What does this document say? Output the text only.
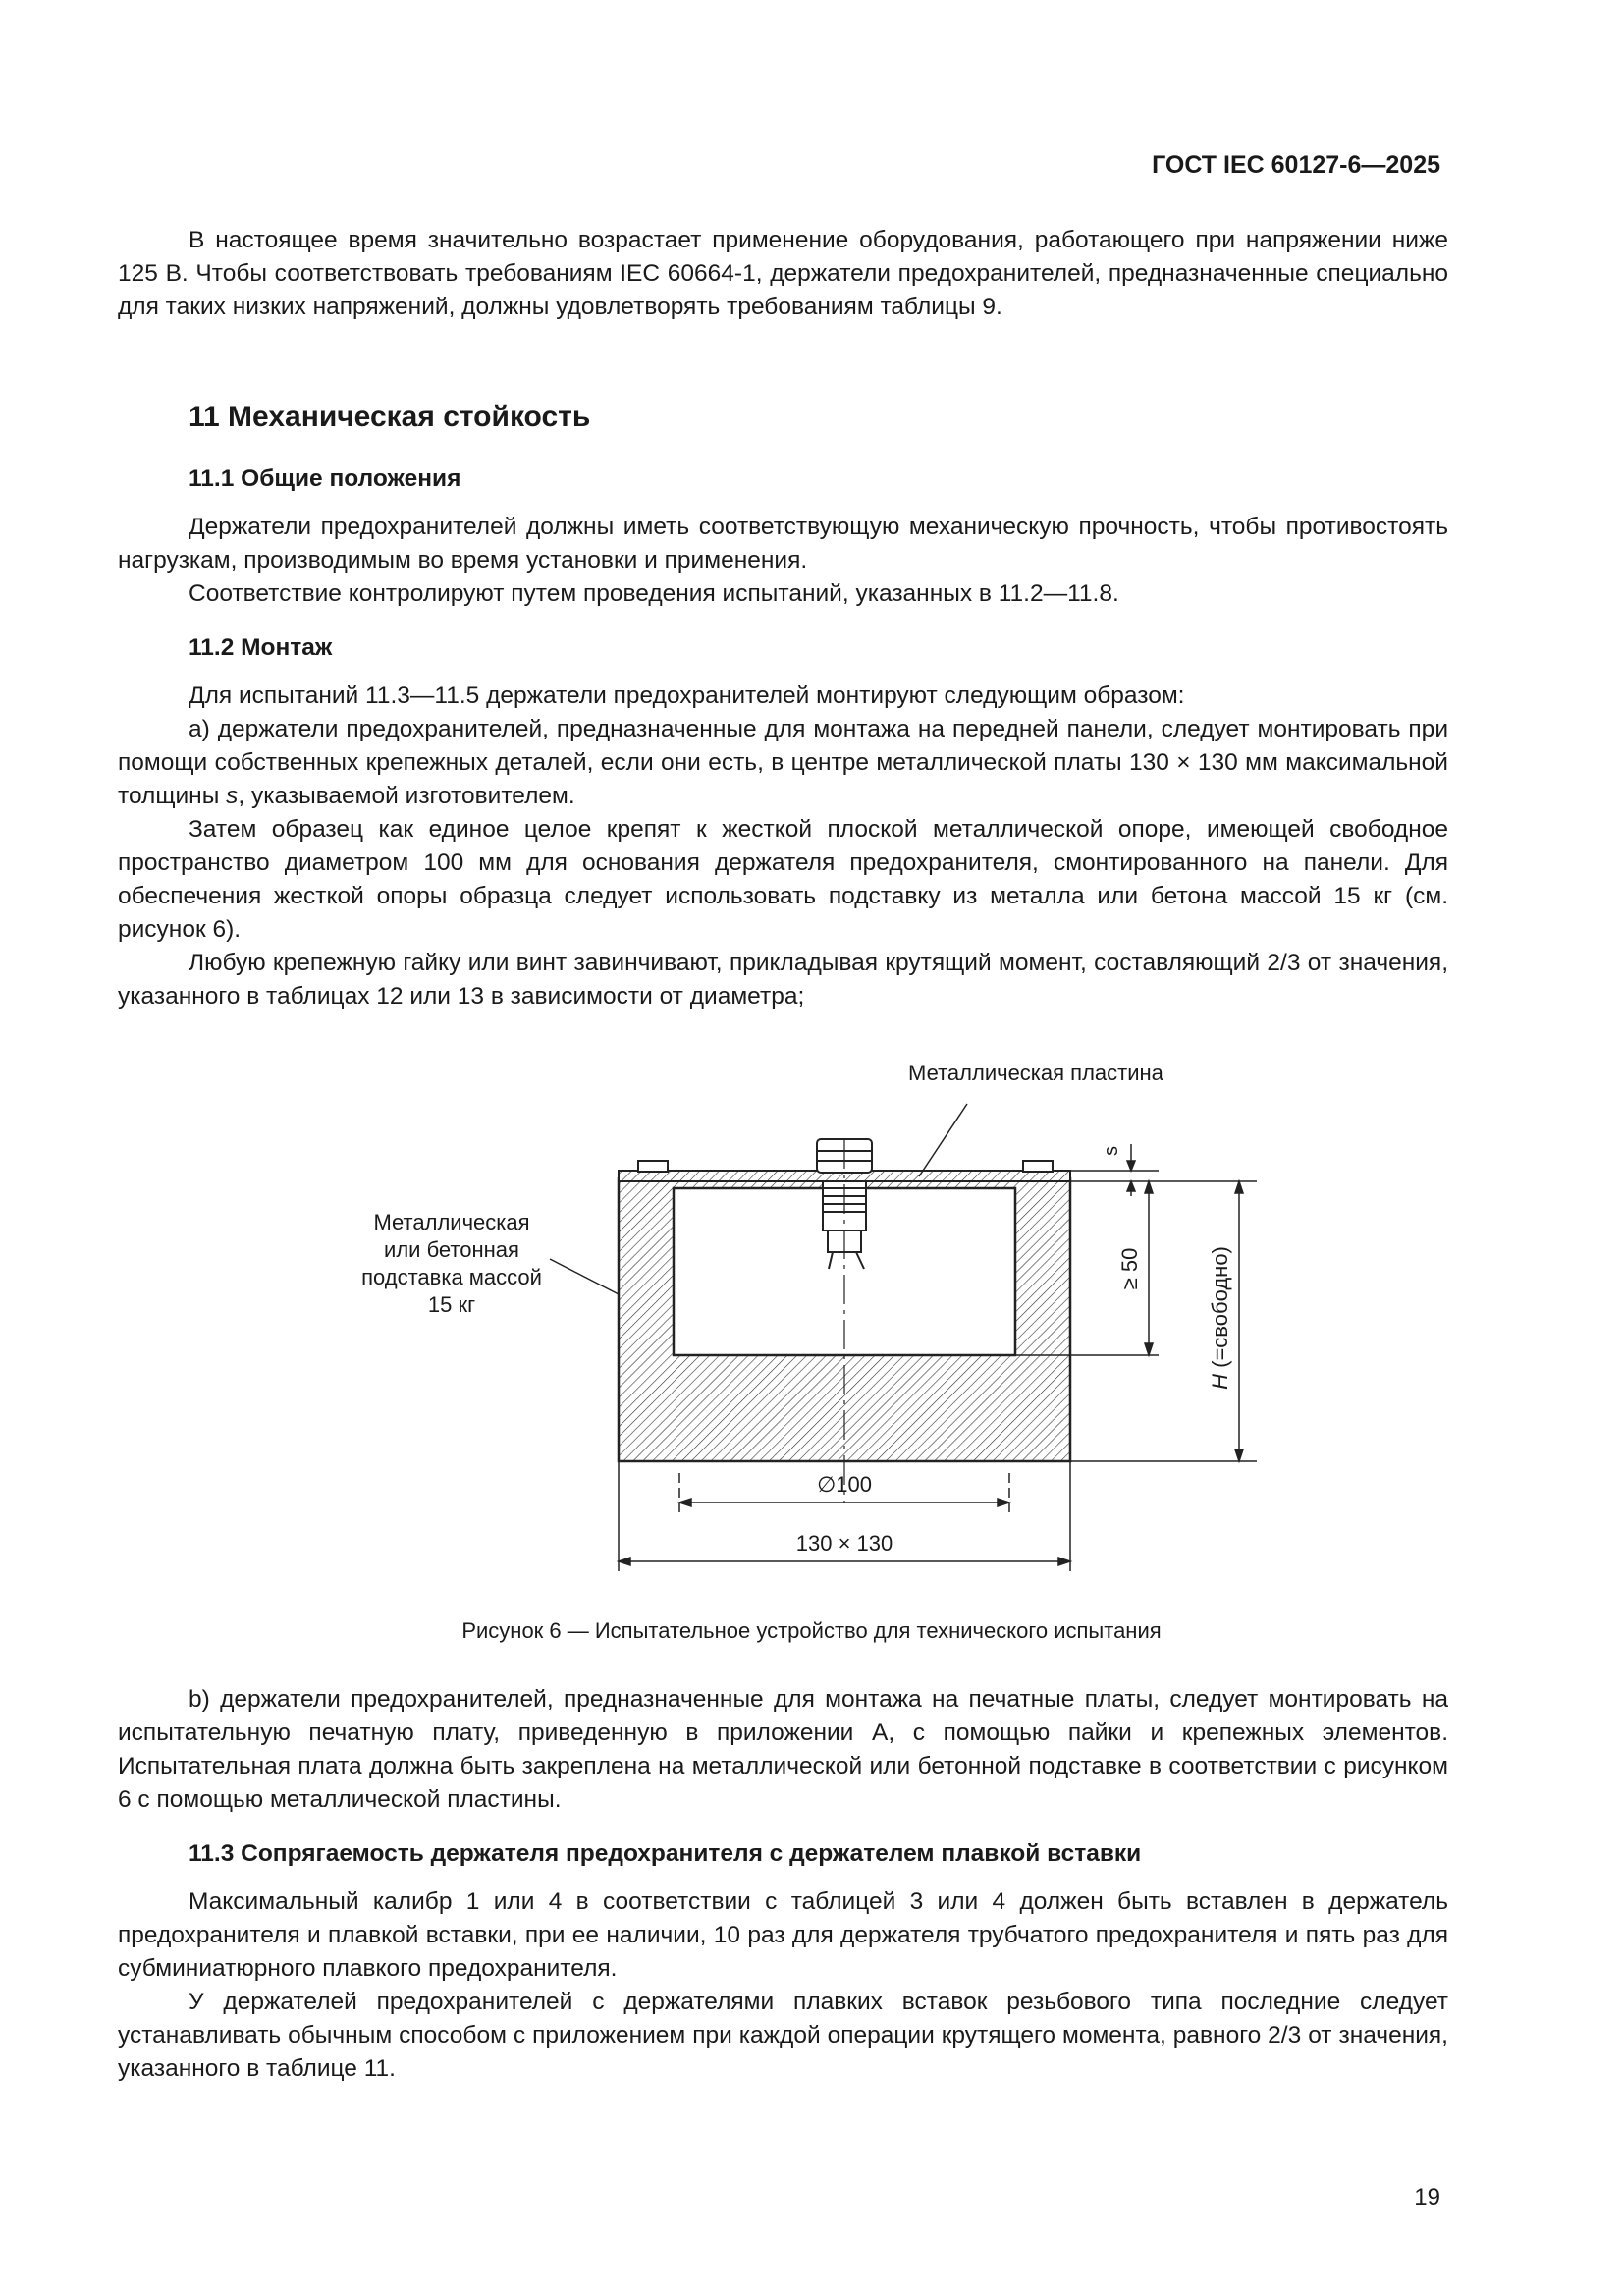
ГОСТ IEC 60127-6—2025

В настоящее время значительно возрастает применение оборудования, работающего при напряжении ниже 125 В. Чтобы соответствовать требованиям IEC 60664-1, держатели предохранителей, предназначенные специально для таких низких напряжений, должны удовлетворять требованиям таблицы 9.

11 Механическая стойкость
11.1 Общие положения

Держатели предохранителей должны иметь соответствующую механическую прочность, чтобы противостоять нагрузкам, производимым во время установки и применения.

Соответствие контролируют путем проведения испытаний, указанных в 11.2—11.8.

11.2 Монтаж

Для испытаний 11.3—11.5 держатели предохранителей монтируют следующим образом:

а) держатели предохранителей, предназначенные для монтажа на передней панели, следует монтировать при помощи собственных крепежных деталей, если они есть, в центре металлической платы 130 × 130 мм максимальной толщины s, указываемой изготовителем.

Затем образец как единое целое крепят к жесткой плоской металлической опоре, имеющей свободное пространство диаметром 100 мм для основания держателя предохранителя, смонтированного на панели. Для обеспечения жесткой опоры образца следует использовать подставку из металла или бетона массой 15 кг (см. рисунок 6).

Любую крепежную гайку или винт завинчивают, прикладывая крутящий момент, составляющий 2/3 от значения, указанного в таблицах 12 или 13 в зависимости от диаметра;

Металлическая пластина
Металлическая
или бетонная
подставка массой
15 кг
s
≥ 50
H (=свободно)
∅100
130 × 130
Рисунок 6 — Испытательное устройство для технического испытания

b) держатели предохранителей, предназначенные для монтажа на печатные платы, следует монтировать на испытательную печатную плату, приведенную в приложении А, с помощью пайки и крепежных элементов. Испытательная плата должна быть закреплена на металлической или бетонной подставке в соответствии с рисунком 6 с помощью металлической пластины.

11.3 Сопрягаемость держателя предохранителя с держателем плавкой вставки

Максимальный калибр 1 или 4 в соответствии с таблицей 3 или 4 должен быть вставлен в держатель предохранителя и плавкой вставки, при ее наличии, 10 раз для держателя трубчатого предохранителя и пять раз для субминиатюрного плавкого предохранителя.

У держателей предохранителей с держателями плавких вставок резьбового типа последние следует устанавливать обычным способом с приложением при каждой операции крутящего момента, равного 2/3 от значения, указанного в таблице 11.

19
